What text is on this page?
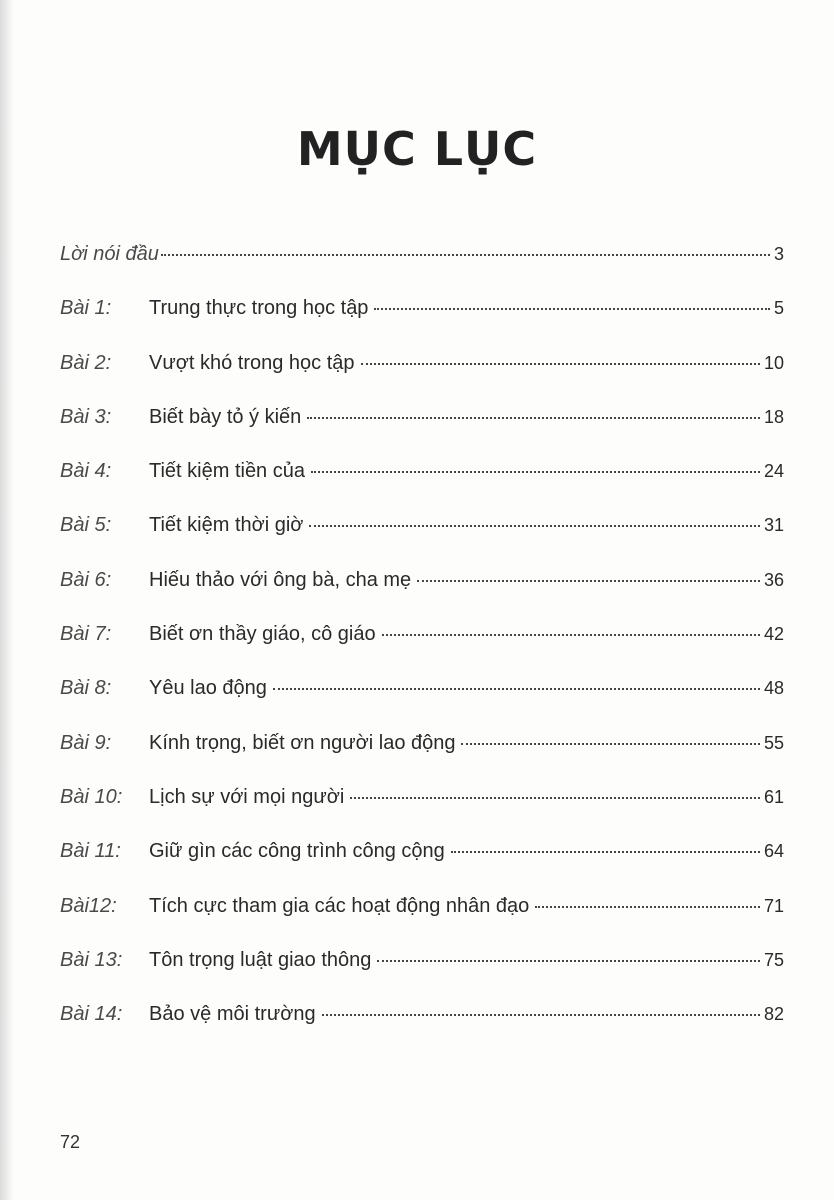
MỤC LỤC
Lời nói đầu	3
Bài 1:	Trung thực trong học tập	5
Bài 2:	Vượt khó trong học tập	10
Bài 3:	Biết bày tỏ ý kiến	18
Bài 4:	Tiết kiệm tiền của	24
Bài 5:	Tiết kiệm thời giờ	31
Bài 6:	Hiếu thảo với ông bà, cha mẹ	36
Bài 7:	Biết ơn thầy giáo, cô giáo	42
Bài 8:	Yêu lao động	48
Bài 9:	Kính trọng, biết ơn người lao động	55
Bài 10:	Lịch sự với mọi người	61
Bài 11:	Giữ gìn các công trình công cộng	64
Bài12:	Tích cực tham gia các hoạt động nhân đạo	71
Bài 13:	Tôn trọng luật giao thông	75
Bài 14:	Bảo vệ môi trường	82
72
